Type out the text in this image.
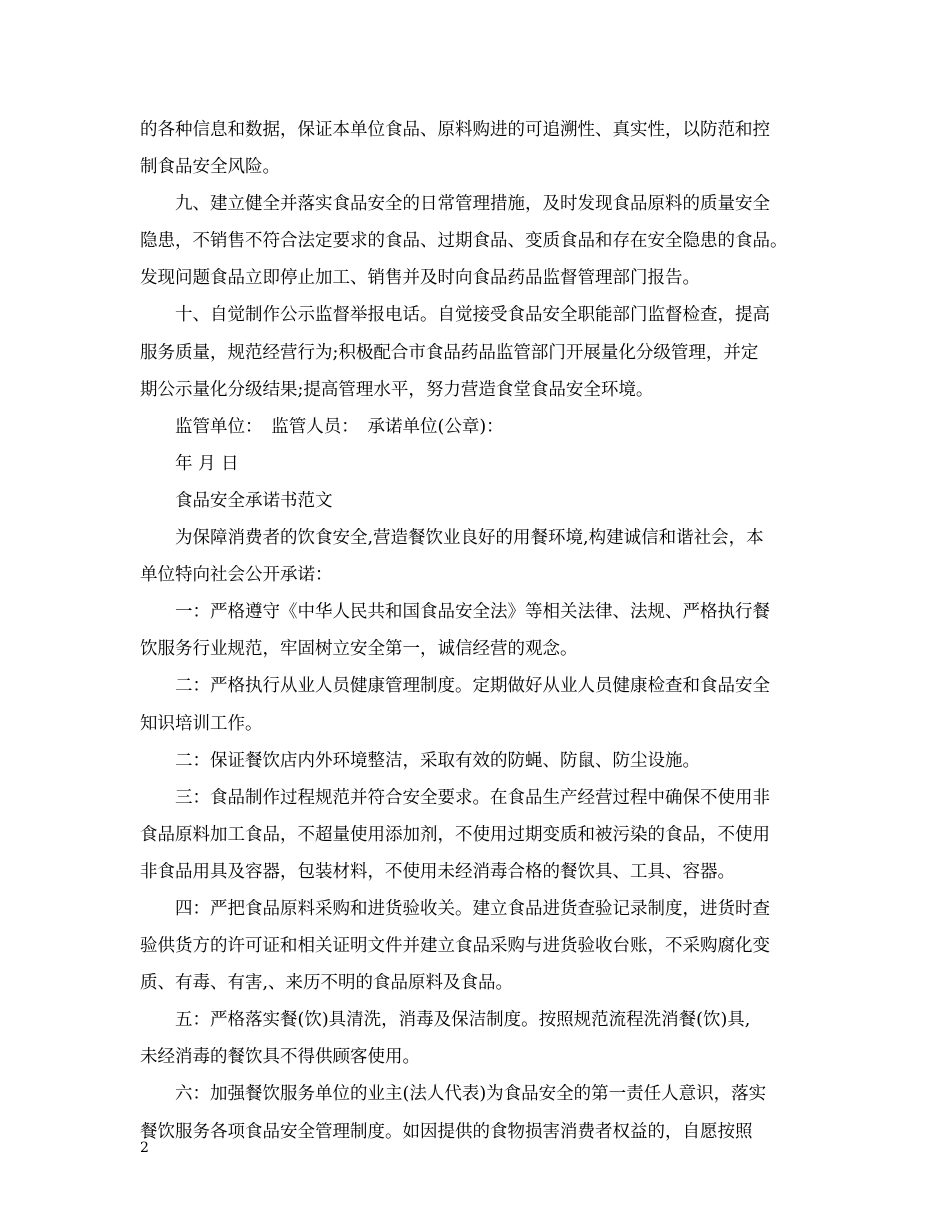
的各种信息和数据，保证本单位食品、原料购进的可追溯性、真实性，以防范和控
制食品安全风险。
九、建立健全并落实食品安全的日常管理措施，及时发现食品原料的质量安全
隐患，不销售不符合法定要求的食品、过期食品、变质食品和存在安全隐患的食品。
发现问题食品立即停止加工、销售并及时向食品药品监督管理部门报告。
十、自觉制作公示监督举报电话。自觉接受食品安全职能部门监督检查，提高
服务质量，规范经营行为;积极配合市食品药品监管部门开展量化分级管理，并定
期公示量化分级结果;提高管理水平，努力营造食堂食品安全环境。
监管单位：　监管人员：　承诺单位(公章)：
年 月 日
食品安全承诺书范文
为保障消费者的饮食安全,营造餐饮业良好的用餐环境,构建诚信和谐社会，本
单位特向社会公开承诺：
一：严格遵守《中华人民共和国食品安全法》等相关法律、法规、严格执行餐
饮服务行业规范，牢固树立安全第一，诚信经营的观念。
二：严格执行从业人员健康管理制度。定期做好从业人员健康检查和食品安全
知识培训工作。
二：保证餐饮店内外环境整洁，采取有效的防蝇、防鼠、防尘设施。
三：食品制作过程规范并符合安全要求。在食品生产经营过程中确保不使用非
食品原料加工食品，不超量使用添加剂，不使用过期变质和被污染的食品，不使用
非食品用具及容器，包装材料，不使用未经消毒合格的餐饮具、工具、容器。
四：严把食品原料采购和进货验收关。建立食品进货查验记录制度，进货时查
验供货方的许可证和相关证明文件并建立食品采购与进货验收台账，不采购腐化变
质、有毒、有害,、来历不明的食品原料及食品。
五：严格落实餐(饮)具清洗，消毒及保洁制度。按照规范流程洗消餐(饮)具,
未经消毒的餐饮具不得供顾客使用。
六：加强餐饮服务单位的业主(法人代表)为食品安全的第一责任人意识，落实
餐饮服务各项食品安全管理制度。如因提供的食物损害消费者权益的，自愿按照
2
